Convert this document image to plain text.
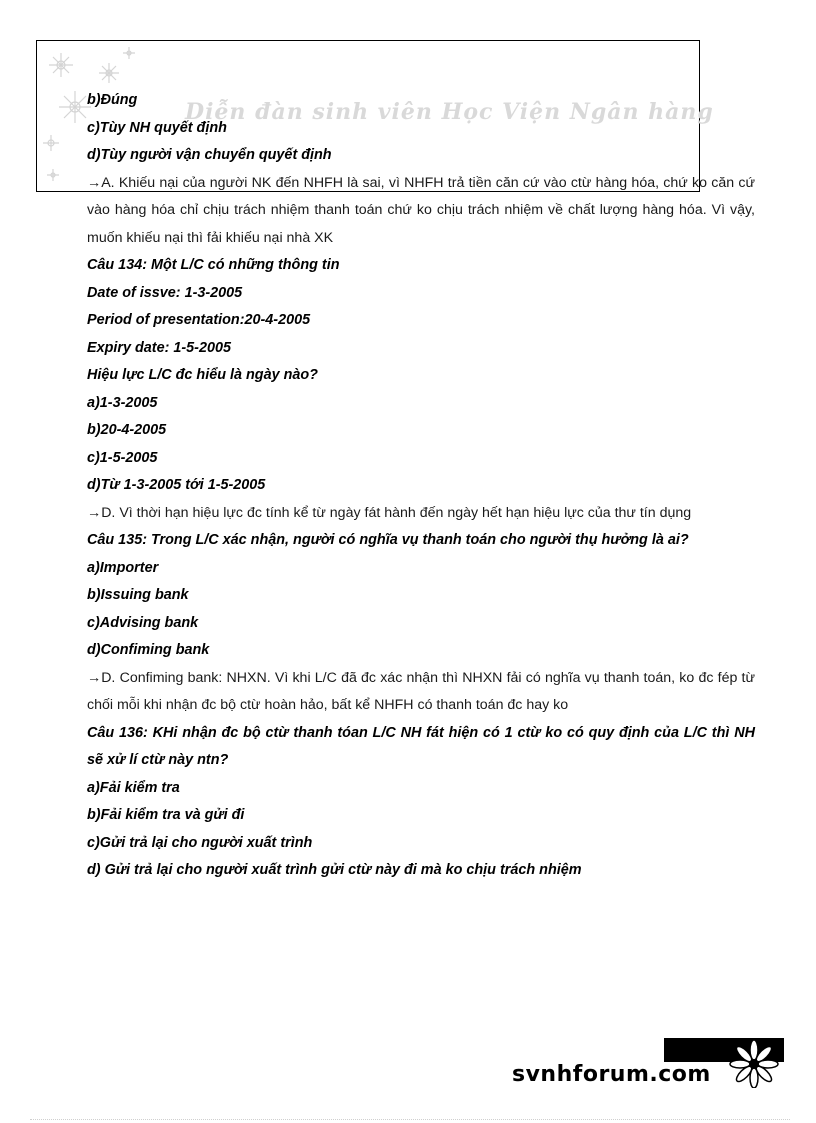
Diễn đàn sinh viên Học Viện Ngân hàng
b)Đúng
c)Tùy NH quyết định
d)Tùy người vận chuyển quyết định
→A. Khiếu nại của người NK đến NHFH là sai, vì NHFH trả tiền căn cứ vào ctừ hàng hóa, chứ ko căn cứ vào hàng hóa chỉ chịu trách nhiệm thanh toán chứ ko chịu trách nhiệm về chất lượng hàng hóa. Vì vậy, muốn khiếu nại thì fải khiếu nại nhà XK
Câu 134: Một L/C có những thông tin
Date of issve: 1-3-2005
Period of presentation:20-4-2005
Expiry date: 1-5-2005
Hiệu lực L/C đc hiểu là ngày nào?
a)1-3-2005
b)20-4-2005
c)1-5-2005
d)Từ 1-3-2005 tới 1-5-2005
→D. Vì thời hạn hiệu lực đc tính kể từ ngày fát hành đến ngày hết hạn hiệu lực của thư tín dụng
Câu 135: Trong L/C xác nhận, người có nghĩa vụ thanh toán cho người thụ hưởng là ai?
a)Importer
b)Issuing bank
c)Advising bank
d)Confiming bank
→D. Confiming bank: NHXN. Vì khi L/C đã đc xác nhận thì NHXN fải có nghĩa vụ thanh toán, ko đc fép từ chối mỗi khi nhận đc bộ ctừ hoàn hảo, bất kể NHFH có thanh toán đc hay ko
Câu 136: KHi nhận đc bộ ctừ thanh tóan L/C NH fát hiện có 1 ctừ ko có quy định của L/C thì NH sẽ xử lí ctừ này ntn?
a)Fải kiểm tra
b)Fải kiểm tra và gửi đi
c)Gửi trả lại cho người xuất trình
d) Gửi trả lại cho người xuất trình gửi ctừ này đi mà ko chịu trách nhiệm
svnhforum.com
